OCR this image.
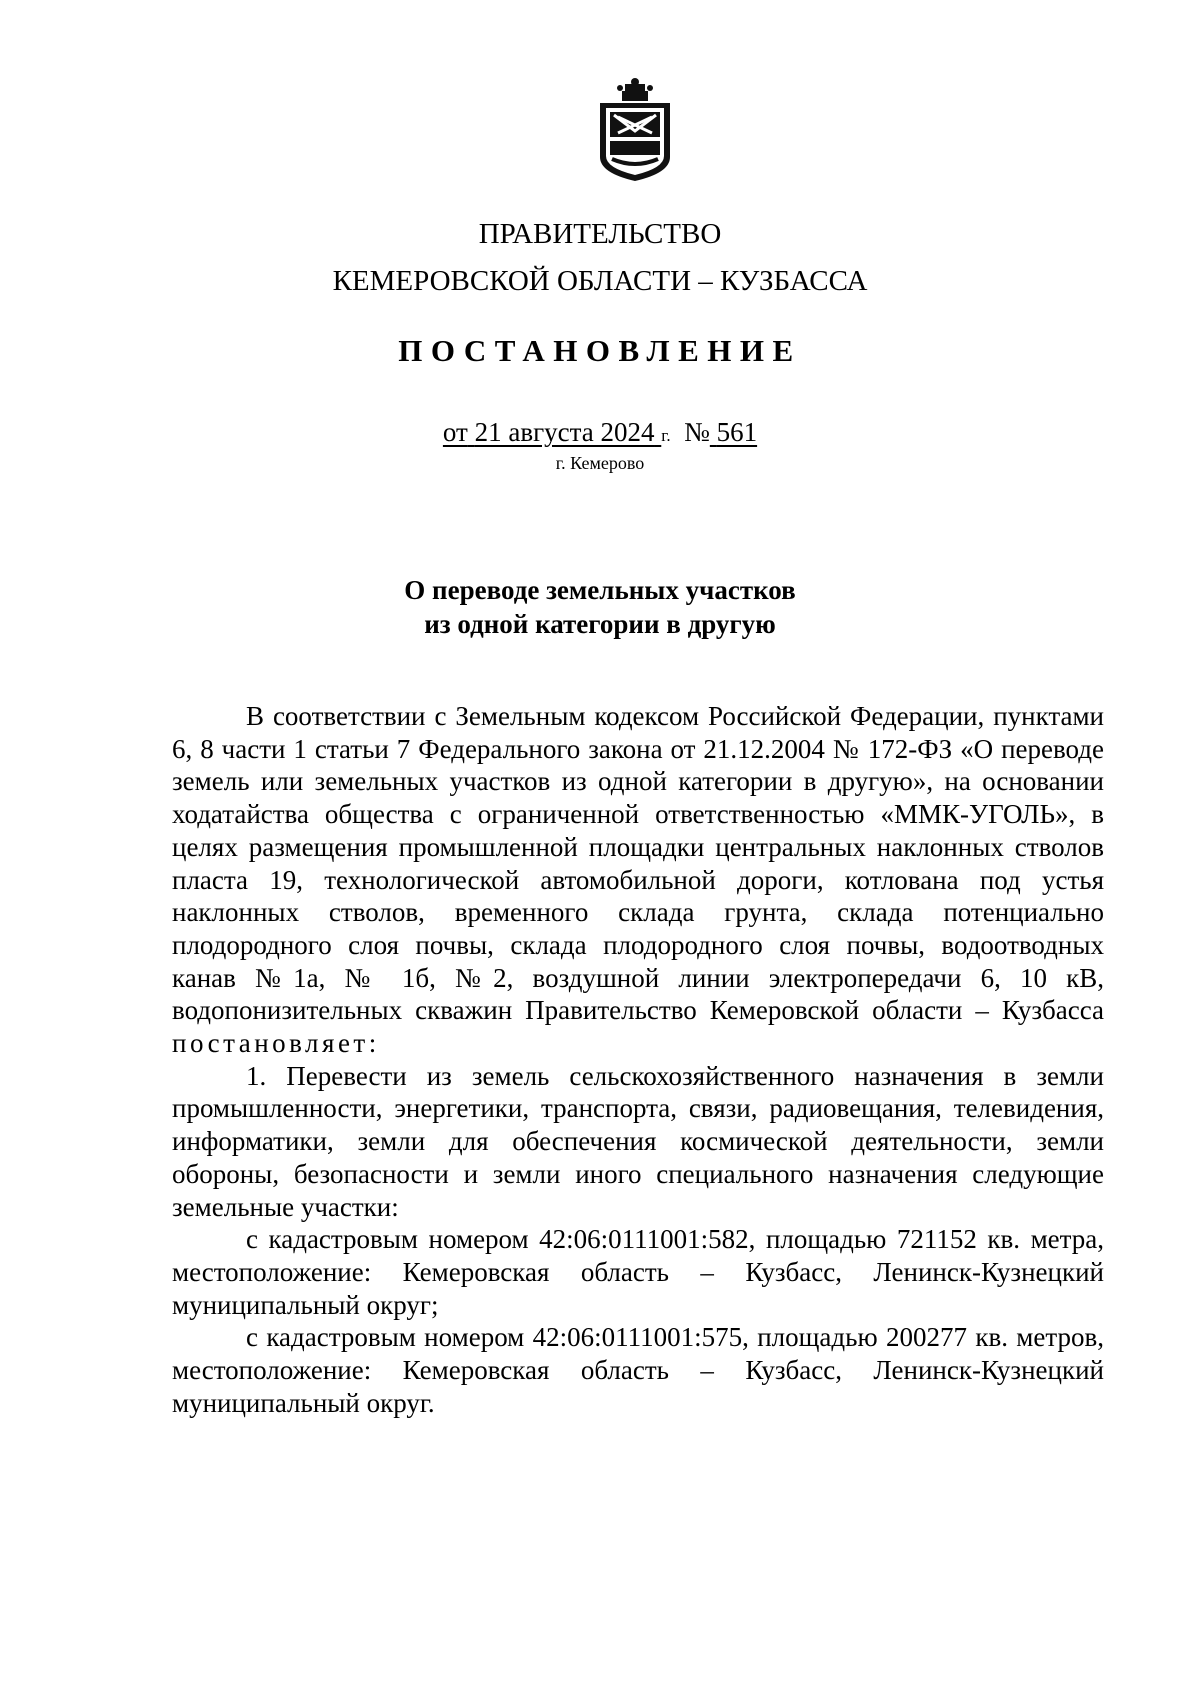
ПРАВИТЕЛЬСТВО
КЕМЕРОВСКОЙ ОБЛАСТИ – КУЗБАССА
ПОСТАНОВЛЕНИЕ
от 21 августа 2024 г. № 561
г. Кемерово
О переводе земельных участков
из одной категории в другую

В соответствии с Земельным кодексом Российской Федерации, пунктами 6, 8 части 1 статьи 7 Федерального закона от 21.12.2004 № 172-ФЗ «О переводе земель или земельных участков из одной категории в другую», на основании ходатайства общества с ограниченной ответственностью «ММК-УГОЛЬ», в целях размещения промышленной площадки центральных наклонных стволов пласта 19, технологической автомобильной дороги, котлована под устья наклонных стволов, временного склада грунта, склада потенциально плодородного слоя почвы, склада плодородного слоя почвы, водоотводных канав №1а, № 1б, №2, воздушной линии электропередачи 6, 10 кВ, водопонизительных скважин Правительство Кемеровской области – Кузбасса постановляет:

1. Перевести из земель сельскохозяйственного назначения в земли промышленности, энергетики, транспорта, связи, радиовещания, телевидения, информатики, земли для обеспечения космической деятельности, земли обороны, безопасности и земли иного специального назначения следующие земельные участки:

с кадастровым номером 42:06:0111001:582, площадью 721152 кв. метра, местоположение: Кемеровская область – Кузбасс, Ленинск-Кузнецкий муниципальный округ;

с кадастровым номером 42:06:0111001:575, площадью 200277 кв. метров, местоположение: Кемеровская область – Кузбасс, Ленинск-Кузнецкий муниципальный округ.
